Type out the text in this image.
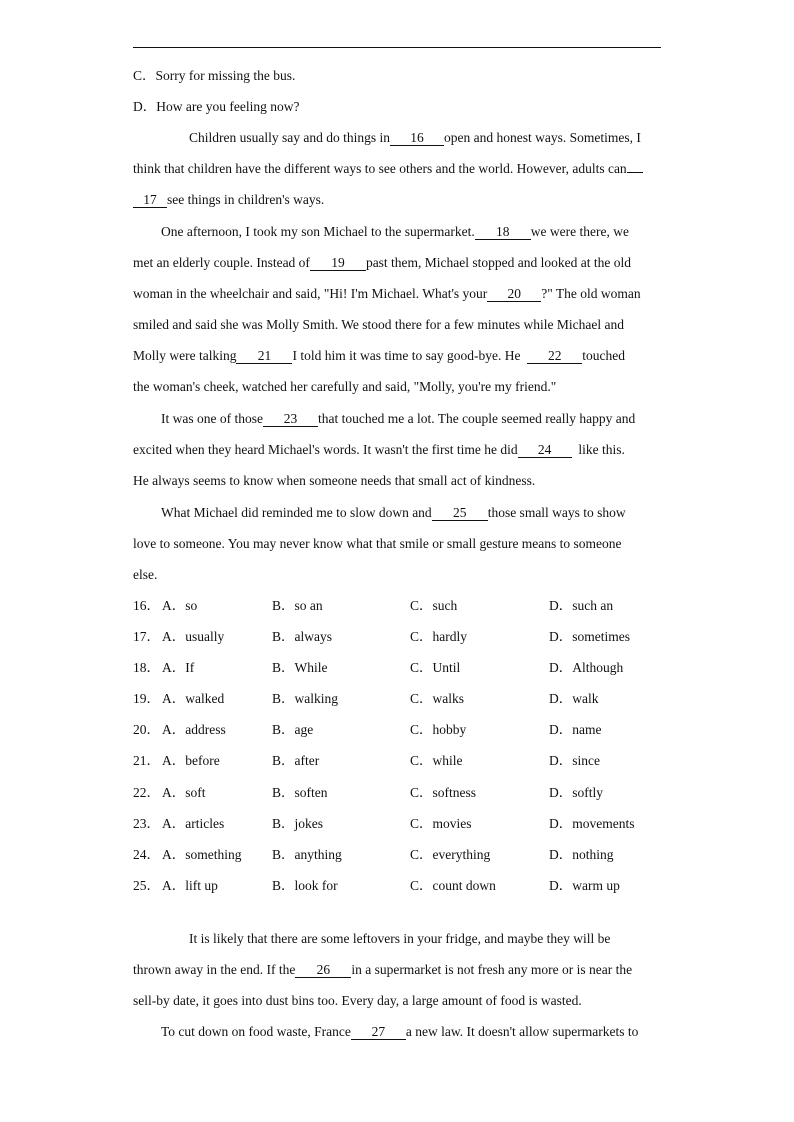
C．Sorry for missing the bus.
D．How are you feeling now?
Children usually say and do things in 16 open and honest ways. Sometimes, I
think that children have the different ways to see others and the world. However, adults can
17 see things in children's ways.
One afternoon, I took my son Michael to the supermarket. 18 we were there, we
met an elderly couple. Instead of 19 past them, Michael stopped and looked at the old
woman in the wheelchair and said, "Hi! I'm Michael. What's your 20 ?" The old woman
smiled and said she was Molly Smith. We stood there for a few minutes while Michael and
Molly were talking 21 I told him it was time to say good-bye. He 22 touched
the woman's cheek, watched her carefully and said, "Molly, you're my friend."
It was one of those 23 that touched me a lot. The couple seemed really happy and
excited when they heard Michael's words. It wasn't the first time he did 24 like this.
He always seems to know when someone needs that small act of kindness.
What Michael did reminded me to slow down and 25 those small ways to show
love to someone. You may never know what that smile or small gesture means to someone
else.
16． A．so	B．so an	C．such	D．such an
17． A．usually	B．always	C．hardly	D．sometimes
18． A．If	B．While	C．Until	D．Although
19． A．walked	B．walking	C．walks	D．walk
20． A．address	B．age	C．hobby	D．name
21． A．before	B．after	C．while	D．since
22． A．soft	B．soften	C．softness	D．softly
23． A．articles	B．jokes	C．movies	D．movements
24． A．something B．anything	C．everything	D．nothing
25． A．lift up	B．look for	C．count down	D．warm up
It is likely that there are some leftovers in your fridge, and maybe they will be
thrown away in the end. If the 26 in a supermarket is not fresh any more or is near the
sell-by date, it goes into dust bins too. Every day, a large amount of food is wasted.
To cut down on food waste, France 27 a new law. It doesn't allow supermarkets to
